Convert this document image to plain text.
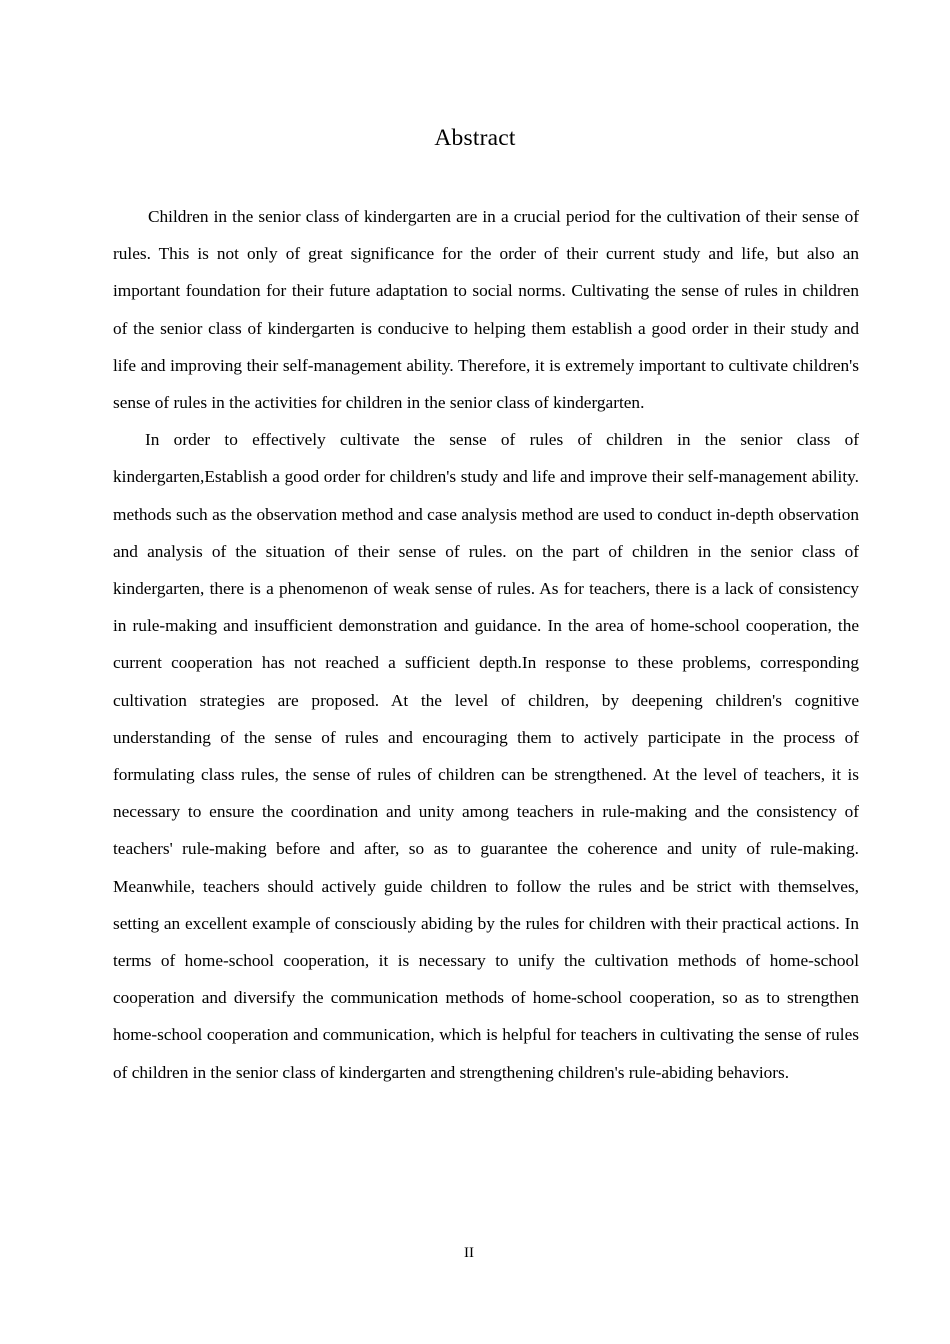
Abstract

Children in the senior class of kindergarten are in a crucial period for the cultivation of their sense of rules. This is not only of great significance for the order of their current study and life, but also an important foundation for their future adaptation to social norms. Cultivating the sense of rules in children of the senior class of kindergarten is conducive to helping them establish a good order in their study and life and improving their self-management ability. Therefore, it is extremely important to cultivate children's sense of rules in the activities for children in the senior class of kindergarten.

In order to effectively cultivate the sense of rules of children in the senior class of kindergarten,Establish a good order for children's study and life and improve their self-management ability. methods such as the observation method and case analysis method are used to conduct in-depth observation and analysis of the situation of their sense of rules. on the part of children in the senior class of kindergarten, there is a phenomenon of weak sense of rules. As for teachers, there is a lack of consistency in rule-making and insufficient demonstration and guidance. In the area of home-school cooperation, the current cooperation has not reached a sufficient depth.In response to these problems, corresponding cultivation strategies are proposed. At the level of children, by deepening children's cognitive understanding of the sense of rules and encouraging them to actively participate in the process of formulating class rules, the sense of rules of children can be strengthened. At the level of teachers, it is necessary to ensure the coordination and unity among teachers in rule-making and the consistency of teachers' rule-making before and after, so as to guarantee the coherence and unity of rule-making. Meanwhile, teachers should actively guide children to follow the rules and be strict with themselves, setting an excellent example of consciously abiding by the rules for children with their practical actions. In terms of home-school cooperation, it is necessary to unify the cultivation methods of home-school cooperation and diversify the communication methods of home-school cooperation, so as to strengthen home-school cooperation and communication, which is helpful for teachers in cultivating the sense of rules of children in the senior class of kindergarten and strengthening children's rule-abiding behaviors.

II
